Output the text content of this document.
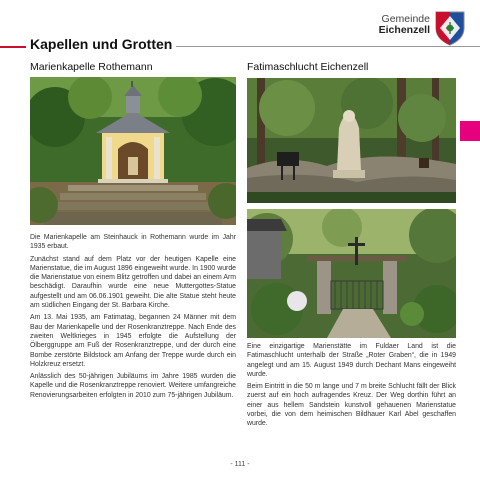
Gemeinde
Eichenzell
Kapellen und Grotten
Marienkapelle Rothemann	Fatimaschlucht Eichenzell

Die Marienkapelle am Steinhauck in Rothemann wurde im Jahr 1935 erbaut.

Zunächst stand auf dem Platz vor der heutigen Kapelle eine Marienstatue, die im August 1896 eingeweiht wurde. In 1900 wurde die Marienstatue von einem Blitz getroffen und dabei an einem Arm beschädigt. Daraufhin wurde eine neue Muttergottes-Statue aufgestellt und am 06.06.1901 geweiht. Die alte Statue steht heute am südlichen Eingang der St. Barbara Kirche.

Am 13. Mai 1935, am Fatimatag, begannen 24 Männer mit dem Bau der Marienkapelle und der Rosenkranztreppe. Nach Ende des zweiten Weltkrieges in 1945 erfolgte die Aufstellung der Ölberggruppe am Fuß der Rosenkranztreppe, und der durch eine Bombe zerstörte Bildstock am Anfang der Treppe wurde durch ein Holzkreuz ersetzt.

Anlässlich des 50-jährigen Jubiläums im Jahre 1985 wurden die Kapelle und die Rosenkranztreppe renoviert. Weitere umfangreiche Renovierungsarbeiten erfolgten in 2010 zum 75-jährigen Jubiläum.

Eine einzigartige Marienstätte im Fuldaer Land ist die Fatimaschlucht unterhalb der Straße „Roter Graben“, die in 1949 angelegt und am 15. August 1949 durch Dechant Mans eingeweiht wurde.

Beim Eintritt in die 50 m lange und 7 m breite Schlucht fällt der Blick zuerst auf ein hoch aufragendes Kreuz. Der Weg dorthin führt an einer aus hellem Sandstein kunstvoll gehauenen Marienstatue vorbei, die von dem heimischen Bildhauer Karl Abel geschaffen wurde.

Kapellen und Grotten
- 111 -
